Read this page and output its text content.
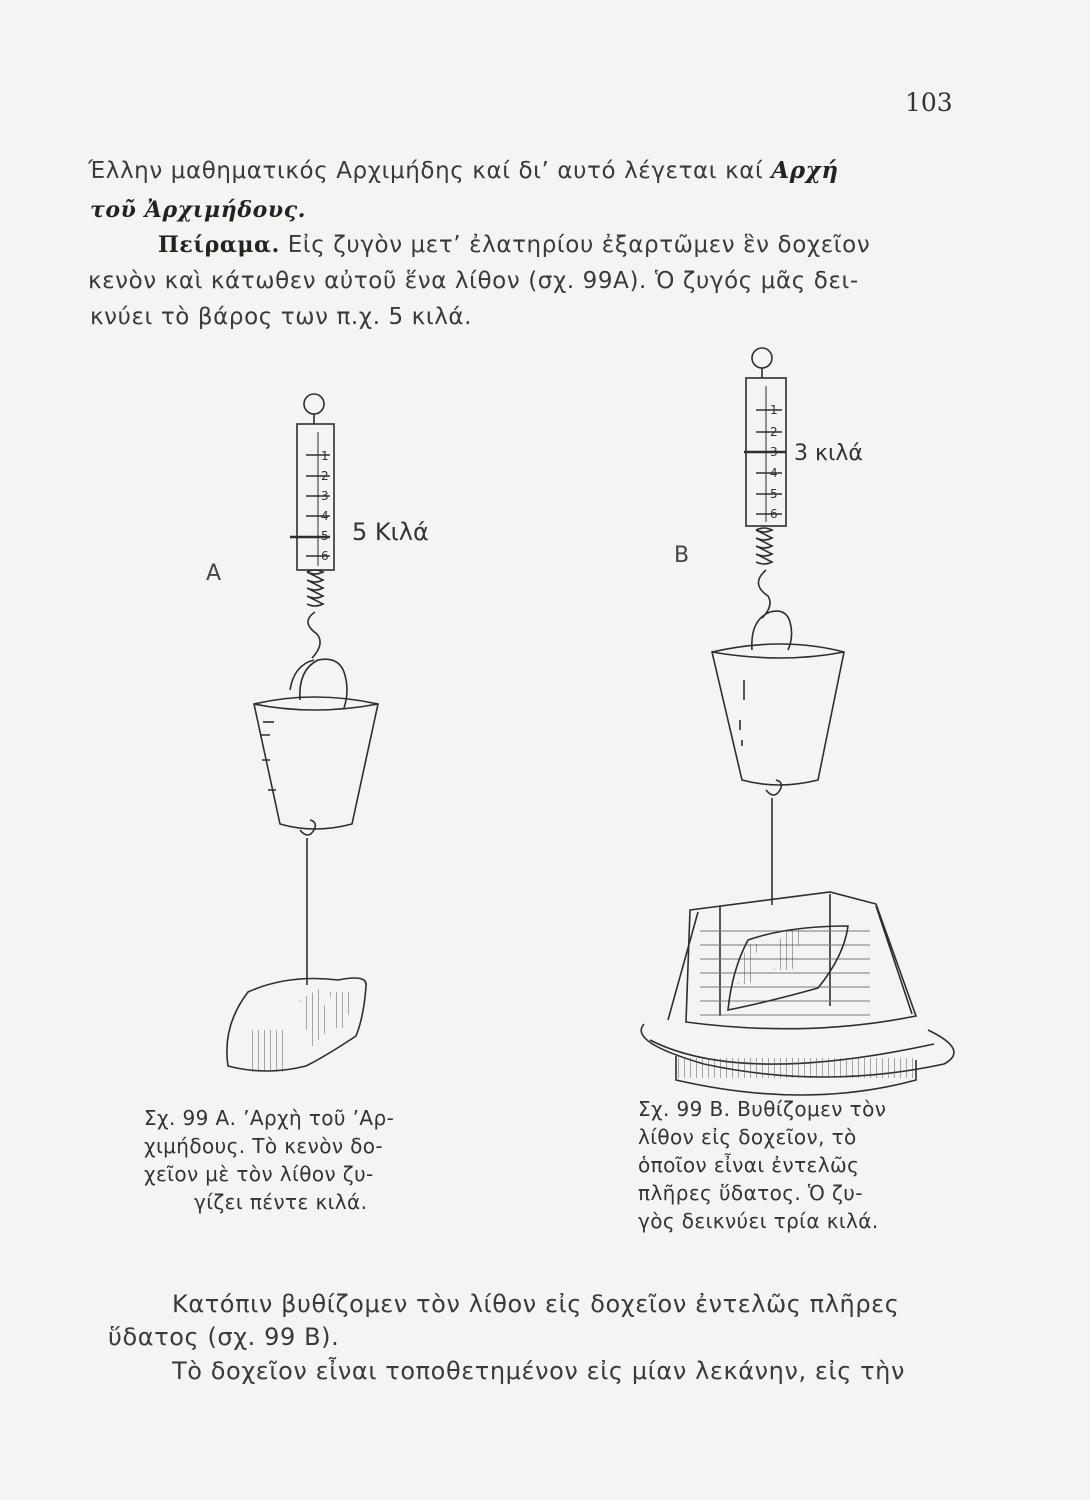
103
Έλλην μαθηματικός Αρχιμήδης καί δι’ αυτό λέγεται καί Αρχή
τοῦ Ἀρχιμήδους.
Πείραμα. Εἰς ζυγὸν μετ’ ἐλατηρίου ἐξαρτῶμεν ἓν δοχεῖον
κενὸν καὶ κάτωθεν αὐτοῦ ἕνα λίθον (σχ. 99Α). Ὁ ζυγός μᾶς δει-
κνύει τὸ βάρος των π.χ. 5 κιλά.
1
2
3
4
5
6
5 Κιλά
A
1
2
3
4
5
6
3 κιλά
B
Σχ. 99 Α. ’Αρχὴ τοῦ ’Αρ-
χιμήδους. Τὸ κενὸν δο-
χεῖον μὲ τὸν λίθον ζυ-
γίζει πέντε κιλά.
Σχ. 99 Β. Βυθίζομεν τὸν
λίθον εἰς δοχεῖον, τὸ
ὁποῖον εἶναι ἐντελῶς
πλῆρες ὕδατος. Ὁ ζυ-
γὸς δεικνύει τρία κιλά.
Κατόπιν βυθίζομεν τὸν λίθον εἰς δοχεῖον ἐντελῶς πλῆρες
ὕδατος (σχ. 99 Β).
Τὸ δοχεῖον εἶναι τοποθετημένον εἰς μίαν λεκάνην, εἰς τὴν
